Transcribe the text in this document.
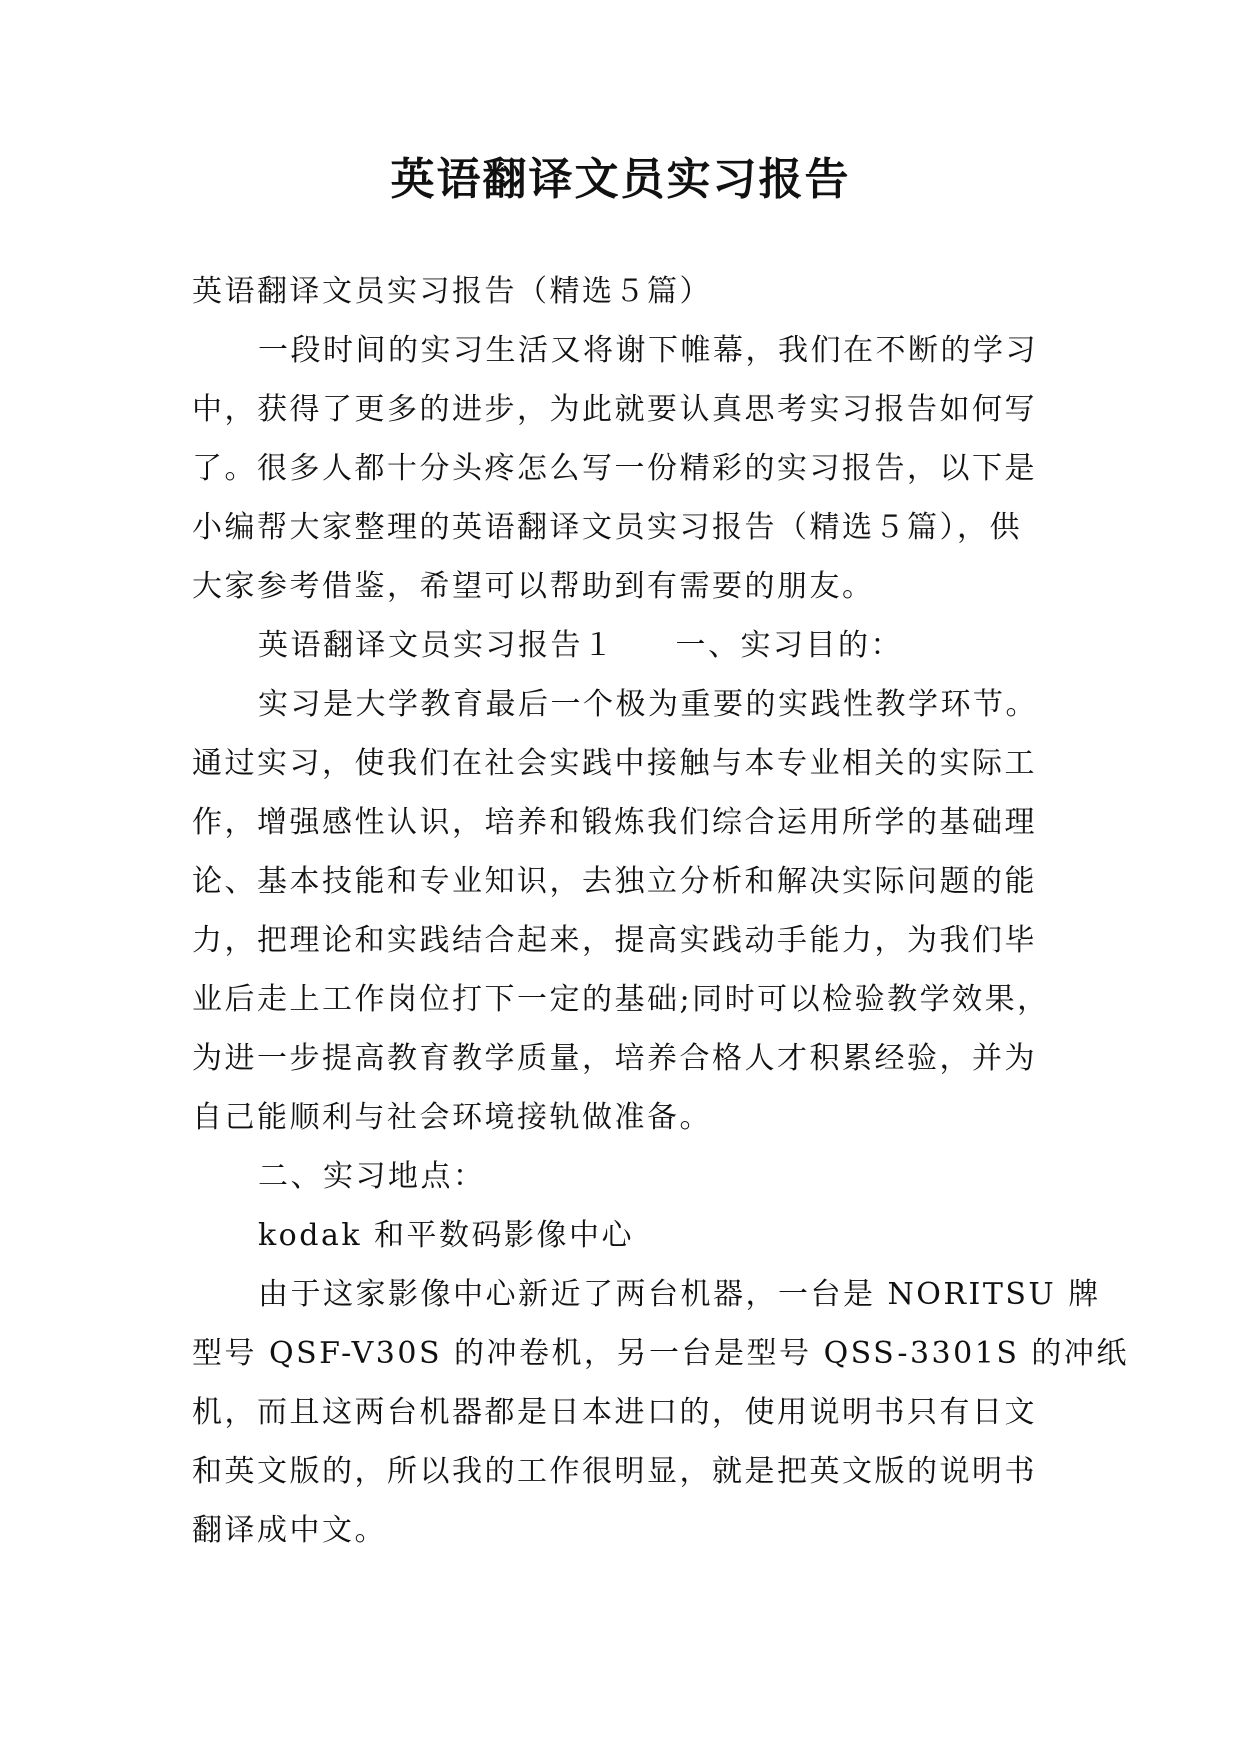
英语翻译文员实习报告
英语翻译文员实习报告（精选５篇）
一段时间的实习生活又将谢下帷幕，我们在不断的学习
中，获得了更多的进步，为此就要认真思考实习报告如何写
了。很多人都十分头疼怎么写一份精彩的实习报告，以下是
小编帮大家整理的英语翻译文员实习报告（精选５篇），供
大家参考借鉴，希望可以帮助到有需要的朋友。
英语翻译文员实习报告１ 一、实习目的：
实习是大学教育最后一个极为重要的实践性教学环节。
通过实习，使我们在社会实践中接触与本专业相关的实际工
作，增强感性认识，培养和锻炼我们综合运用所学的基础理
论、基本技能和专业知识，去独立分析和解决实际问题的能
力，把理论和实践结合起来，提高实践动手能力，为我们毕
业后走上工作岗位打下一定的基础;同时可以检验教学效果，
为进一步提高教育教学质量，培养合格人才积累经验，并为
自己能顺利与社会环境接轨做准备。
二、实习地点：
kodak 和平数码影像中心
由于这家影像中心新近了两台机器，一台是 NORITSU 牌
型号 QSF-V30S 的冲卷机，另一台是型号 QSS-3301S 的冲纸
机，而且这两台机器都是日本进口的，使用说明书只有日文
和英文版的，所以我的工作很明显，就是把英文版的说明书
翻译成中文。
